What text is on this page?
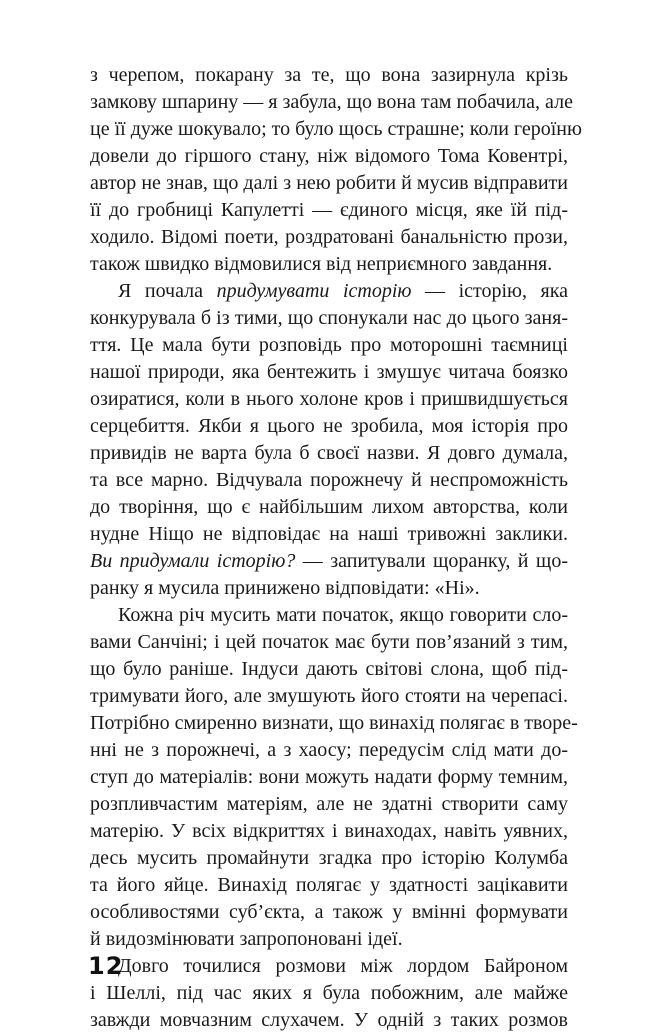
з черепом, покарану за те, що вона зазирнула крізь
замкову шпарину — я забула, що вона там побачила, але
це її дуже шокувало; то було щось страшне; коли героїню
довели до гіршого стану, ніж відомого Тома Ковентрі,
автор не знав, що далі з нею робити й мусив відправити
її до гробниці Капулетті — єдиного місця, яке їй під-
ходило. Відомі поети, роздратовані банальністю прози,
також швидко відмовилися від неприємного завдання.

Я почала придумувати історію — історію, яка
конкурувала б із тими, що спонукали нас до цього заня-
ття. Це мала бути розповідь про моторошні таємниці
нашої природи, яка бентежить і змушує читача боязко
озиратися, коли в нього холоне кров і пришвидшується
серцебиття. Якби я цього не зробила, моя історія про
привидів не варта була б своєї назви. Я довго думала,
та все марно. Відчувала порожнечу й неспроможність
до творіння, що є найбільшим лихом авторства, коли
нудне Ніщо не відповідає на наші тривожні заклики.
Ви придумали історію? — запитували щоранку, й що-
ранку я мусила принижено відповідати: «Ні».

Кожна річ мусить мати початок, якщо говорити сло-
вами Санчіні; і цей початок має бути пов’язаний з тим,
що було раніше. Індуси дають світові слона, щоб під-
тримувати його, але змушують його стояти на черепасі.
Потрібно смиренно визнати, що винахід полягає в творе-
нні не з порожнечі, а з хаосу; передусім слід мати до-
ступ до матеріалів: вони можуть надати форму темним,
розпливчастим матеріям, але не здатні створити саму
матерію. У всіх відкриттях і винаходах, навіть уявних,
десь мусить промайнути згадка про історію Колумба
та його яйце. Винахід полягає у здатності зацікавити
особливостями суб’єкта, а також у вмінні формувати
й видозмінювати запропоновані ідеї.

Довго точилися розмови між лордом Байроном
і Шеллі, під час яких я була побожним, але майже
завжди мовчазним слухачем. У одній з таких розмов

12
